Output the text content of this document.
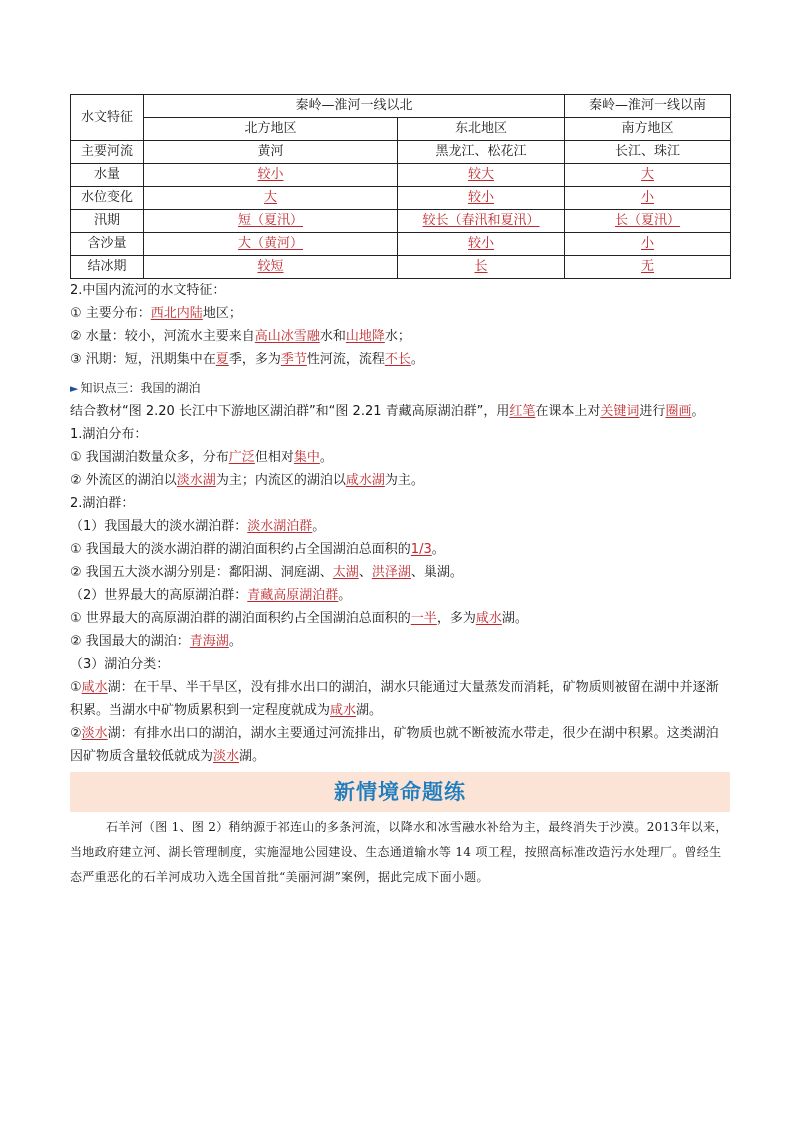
水文特征	秦岭—淮河一线以北		秦岭—淮河一线以南
	北方地区	东北地区	南方地区
主要河流	黄河	黑龙江、松花江	长江、珠江
水量	较小	较大	大
水位变化	大	较小	小
汛期	短（夏汛）	较长（春汛和夏汛）	长（夏汛）
含沙量	大（黄河）	较小	小
结冰期	较短	长	无
2.中国内流河的水文特征：
① 主要分布：西北内陆地区；
② 水量：较小，河流水主要来自高山冰雪融水和山地降水；
③ 汛期：短，汛期集中在夏季，多为季节性河流，流程不长。
► 知识点三：我国的湖泊
结合教材“图 2.20 长江中下游地区湖泊群”和“图 2.21 青藏高原湖泊群”，用红笔在课本上对关键词进行圈画。
1.湖泊分布：
① 我国湖泊数量众多，分布广泛但相对集中。
② 外流区的湖泊以淡水湖为主；内流区的湖泊以咸水湖为主。
2.湖泊群：
（1）我国最大的淡水湖泊群：淡水湖泊群。
① 我国最大的淡水湖泊群的湖泊面积约占全国湖泊总面积的1/3。
② 我国五大淡水湖分别是：鄱阳湖、洞庭湖、太湖、洪泽湖、巢湖。
（2）世界最大的高原湖泊群：青藏高原湖泊群。
① 世界最大的高原湖泊群的湖泊面积约占全国湖泊总面积的一半，多为咸水湖。
② 我国最大的湖泊：青海湖。
（3）湖泊分类：
①咸水湖：在干旱、半干旱区，没有排水出口的湖泊，湖水只能通过大量蒸发而消耗，矿物质则被留在湖中并逐渐积累。当湖水中矿物质累积到一定程度就成为咸水湖。
②淡水湖：有排水出口的湖泊，湖水主要通过河流排出，矿物质也就不断被流水带走，很少在湖中积累。这类湖泊因矿物质含量较低就成为淡水湖。
新情境命题练
石羊河（图 1、图 2）稍纳源于祁连山的多条河流，以降水和冰雪融水补给为主，最终消失于沙漠。2013年以来，当地政府建立河、湖长管理制度，实施湿地公园建设、生态通道输水等 14 项工程，按照高标准改造污水处理厂。曾经生态严重恶化的石羊河成功入选全国首批“美丽河湖”案例，据此完成下面小题。
